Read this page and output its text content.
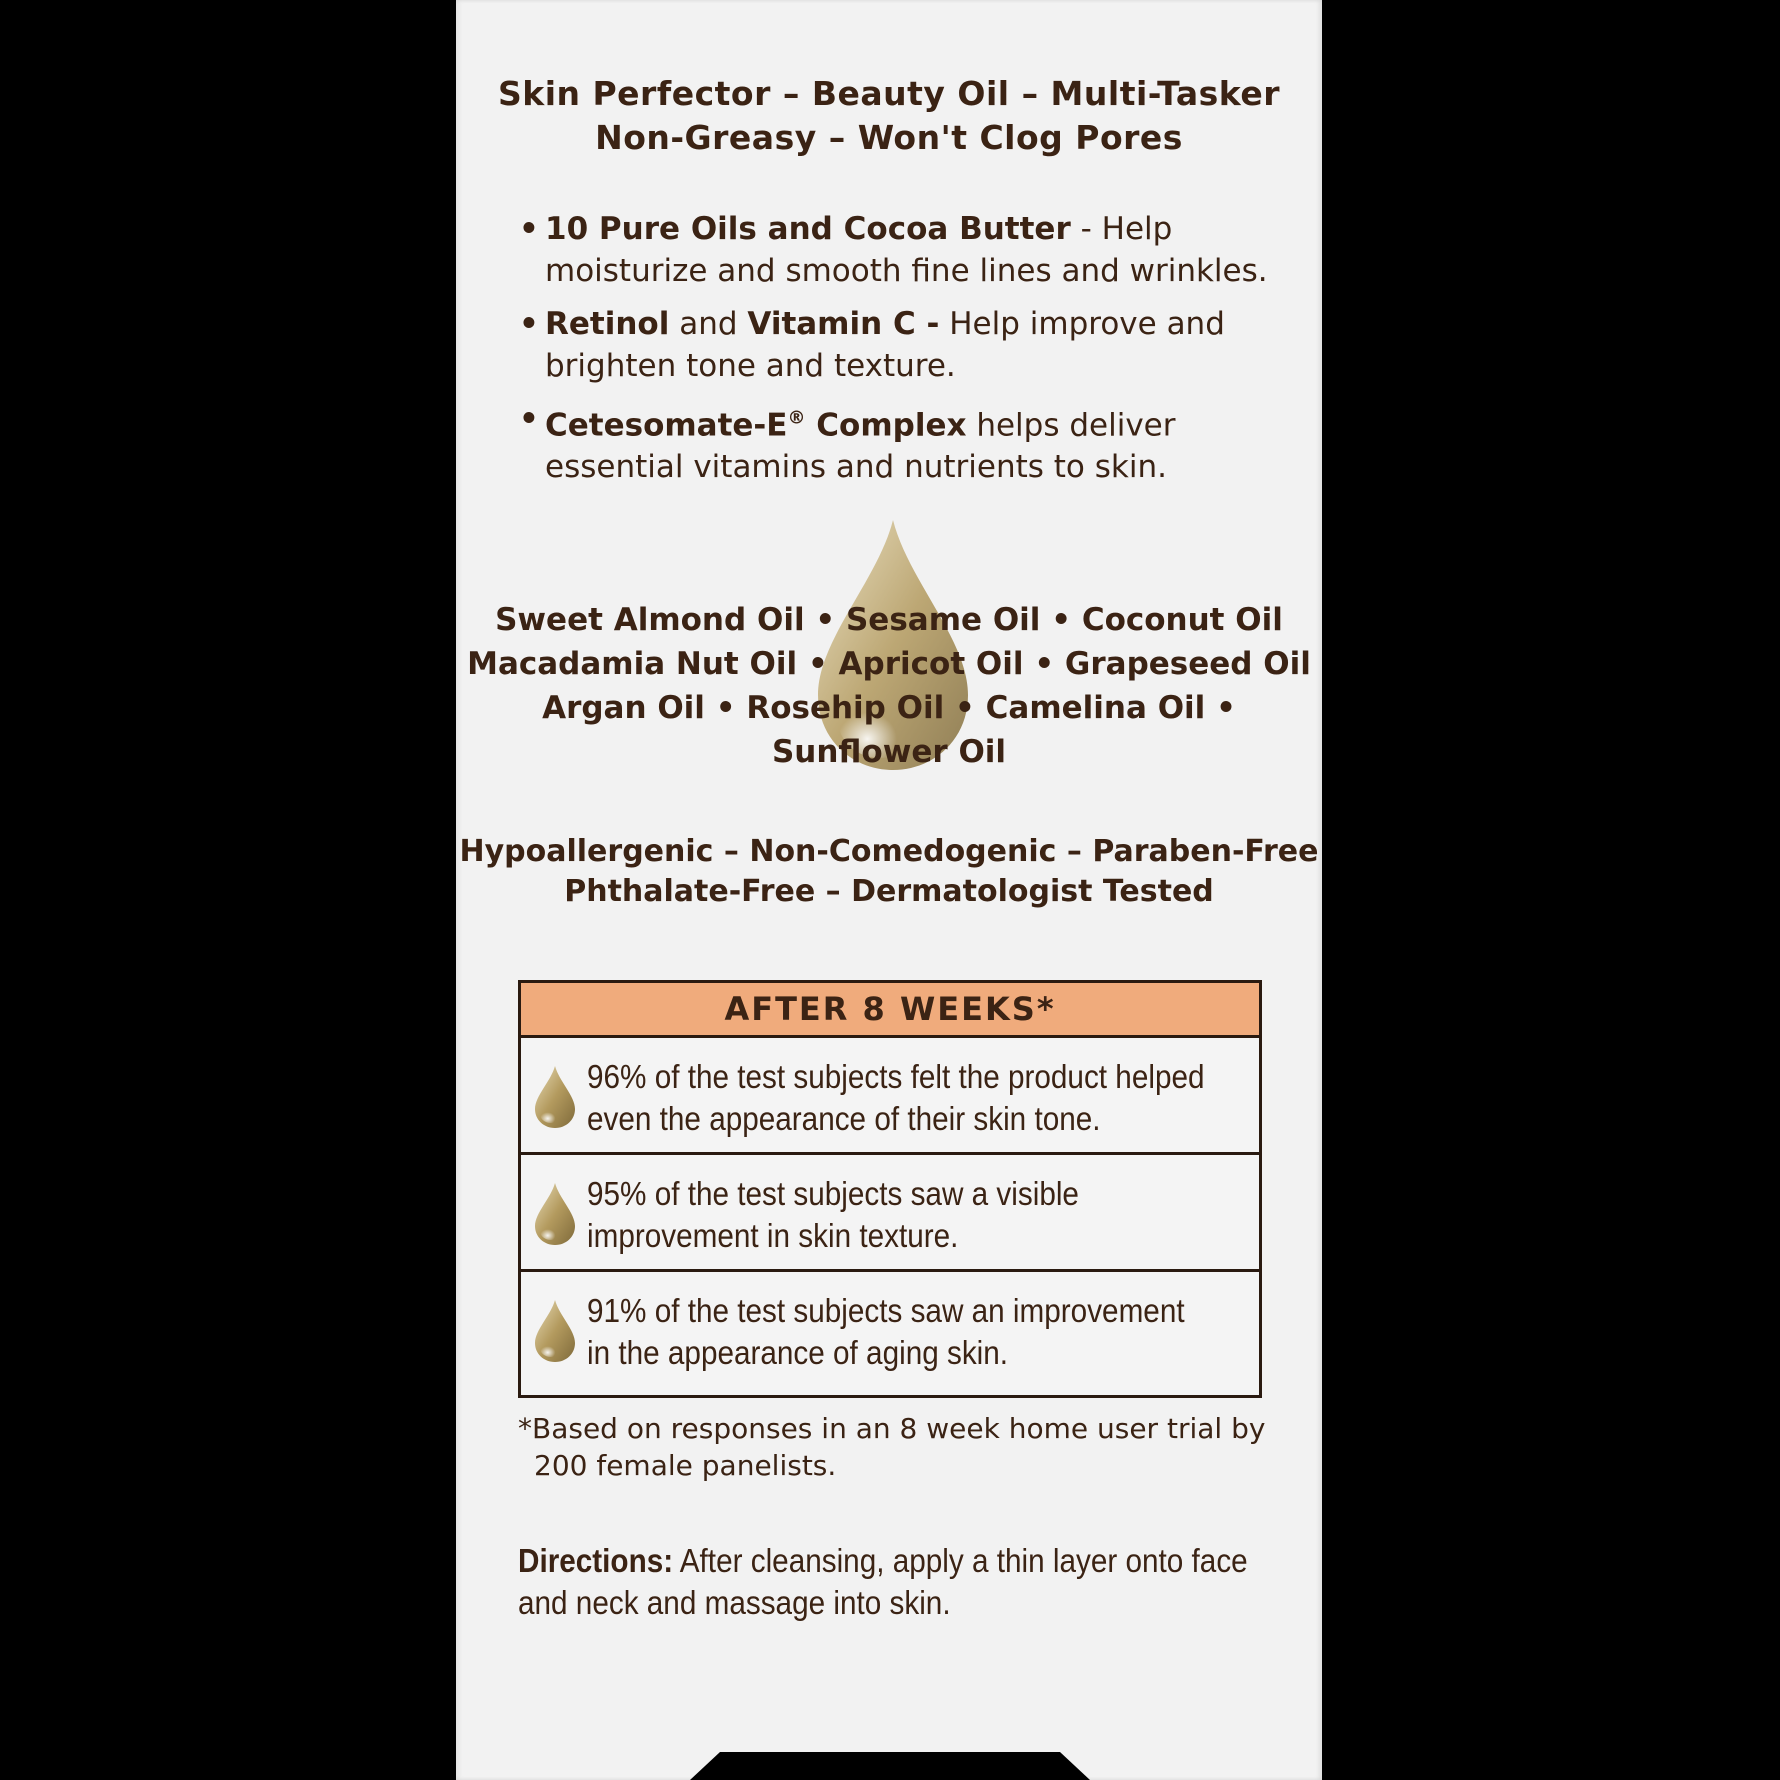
Skin Perfector – Beauty Oil – Multi-Tasker
Non-Greasy – Won't Clog Pores
• 10 Pure Oils and Cocoa Butter - Help
moisturize and smooth fine lines and wrinkles.
• Retinol and Vitamin C - Help improve and
brighten tone and texture.
• Cetesomate-E® Complex helps deliver
essential vitamins and nutrients to skin.
Sweet Almond Oil • Sesame Oil • Coconut Oil
Macadamia Nut Oil • Apricot Oil • Grapeseed Oil
Argan Oil • Rosehip Oil • Camelina Oil • Sunflower Oil
Hypoallergenic – Non-Comedogenic – Paraben-Free
Phthalate-Free – Dermatologist Tested
AFTER 8 WEEKS*
96% of the test subjects felt the product helped
even the appearance of their skin tone.
95% of the test subjects saw a visible
improvement in skin texture.
91% of the test subjects saw an improvement
in the appearance of aging skin.
*Based on responses in an 8 week home user trial by
200 female panelists.
Directions: After cleansing, apply a thin layer onto face
and neck and massage into skin.
